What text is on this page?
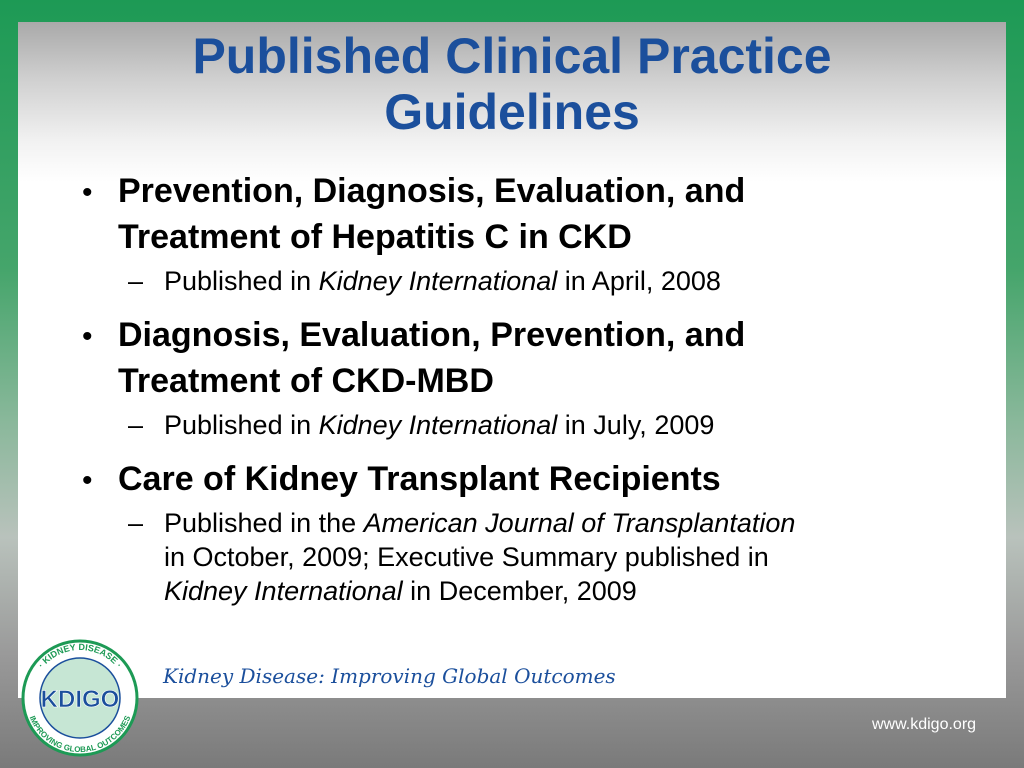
Published Clinical Practice
Guidelines
• Prevention, Diagnosis, Evaluation, and
Treatment of Hepatitis C in CKD

– Published in Kidney International in April, 2008
• Diagnosis, Evaluation, Prevention, and
Treatment of CKD-MBD

– Published in Kidney International in July, 2009
• Care of Kidney Transplant Recipients

– Published in the American Journal of Transplantation
in October, 2009; Executive Summary published in
Kidney International in December, 2009
· KIDNEY DISEASE ·
IMPROVING GLOBAL OUTCOMES
KDIGO

Kidney Disease: Improving Global Outcomes

www.kdigo.org
